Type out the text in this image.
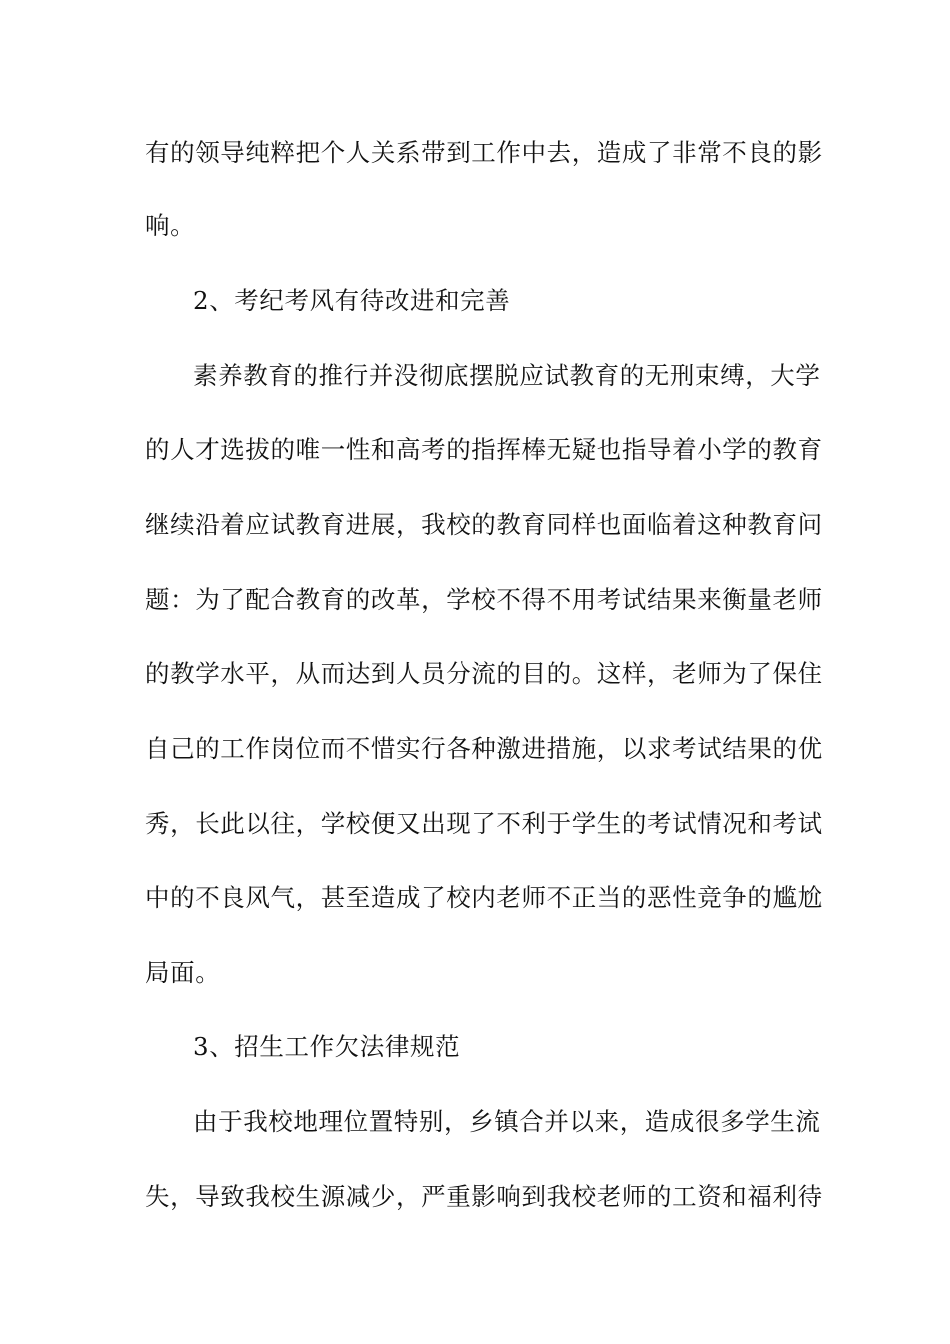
有的领导纯粹把个人关系带到工作中去，造成了非常不良的影
响。
2、考纪考风有待改进和完善
素养教育的推行并没彻底摆脱应试教育的无刑束缚，大学
的人才选拔的唯一性和高考的指挥棒无疑也指导着小学的教育
继续沿着应试教育进展，我校的教育同样也面临着这种教育问
题：为了配合教育的改革，学校不得不用考试结果来衡量老师
的教学水平，从而达到人员分流的目的。这样，老师为了保住
自己的工作岗位而不惜实行各种激进措施，以求考试结果的优
秀，长此以往，学校便又出现了不利于学生的考试情况和考试
中的不良风气，甚至造成了校内老师不正当的恶性竞争的尴尬
局面。
3、招生工作欠法律规范
由于我校地理位置特别，乡镇合并以来，造成很多学生流
失，导致我校生源减少，严重影响到我校老师的工资和福利待
